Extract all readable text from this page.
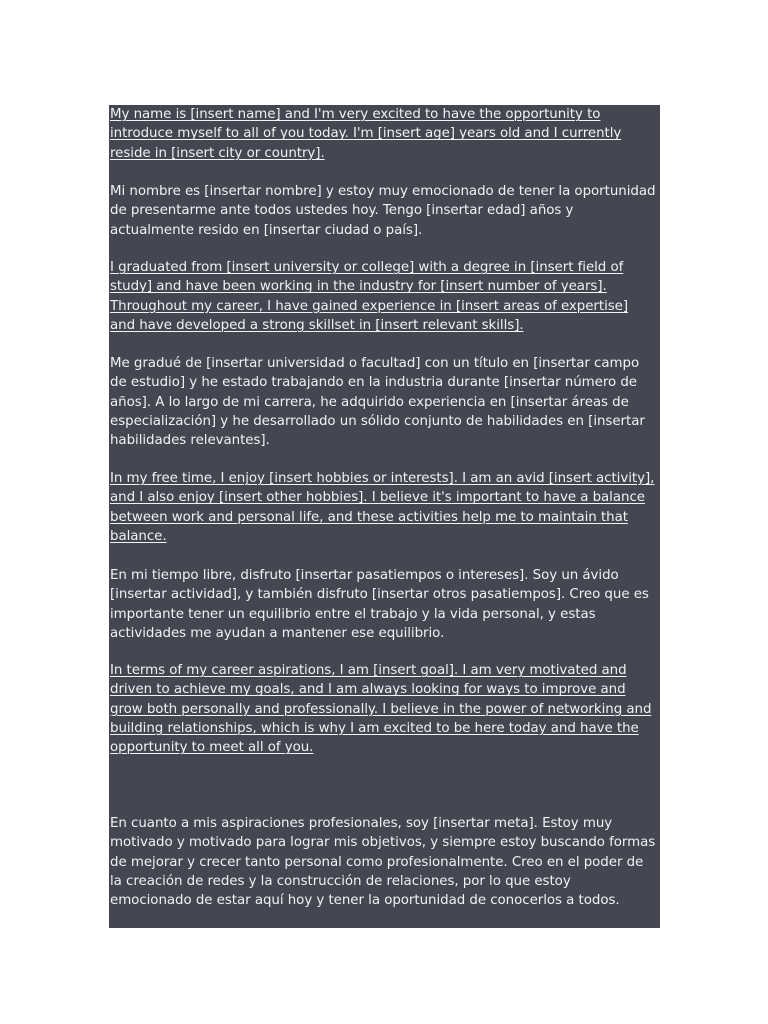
My name is [insert name] and I'm very excited to have the opportunity to introduce myself to all of you today. I'm [insert age] years old and I currently reside in [insert city or country].

Mi nombre es [insertar nombre] y estoy muy emocionado de tener la oportunidad de presentarme ante todos ustedes hoy. Tengo [insertar edad] años y actualmente resido en [insertar ciudad o país].

I graduated from [insert university or college] with a degree in [insert field of study] and have been working in the industry for [insert number of years]. Throughout my career, I have gained experience in [insert areas of expertise] and have developed a strong skillset in [insert relevant skills].

Me gradué de [insertar universidad o facultad] con un título en [insertar campo de estudio] y he estado trabajando en la industria durante [insertar número de años]. A lo largo de mi carrera, he adquirido experiencia en [insertar áreas de especialización] y he desarrollado un sólido conjunto de habilidades en [insertar habilidades relevantes].

In my free time, I enjoy [insert hobbies or interests]. I am an avid [insert activity], and I also enjoy [insert other hobbies]. I believe it's important to have a balance between work and personal life, and these activities help me to maintain that balance.

En mi tiempo libre, disfruto [insertar pasatiempos o intereses]. Soy un ávido [insertar actividad], y también disfruto [insertar otros pasatiempos]. Creo que es importante tener un equilibrio entre el trabajo y la vida personal, y estas actividades me ayudan a mantener ese equilibrio.

In terms of my career aspirations, I am [insert goal]. I am very motivated and driven to achieve my goals, and I am always looking for ways to improve and grow both personally and professionally. I believe in the power of networking and building relationships, which is why I am excited to be here today and have the opportunity to meet all of you.

En cuanto a mis aspiraciones profesionales, soy [insertar meta]. Estoy muy motivado y motivado para lograr mis objetivos, y siempre estoy buscando formas de mejorar y crecer tanto personal como profesionalmente. Creo en el poder de la creación de redes y la construcción de relaciones, por lo que estoy emocionado de estar aquí hoy y tener la oportunidad de conocerlos a todos.
